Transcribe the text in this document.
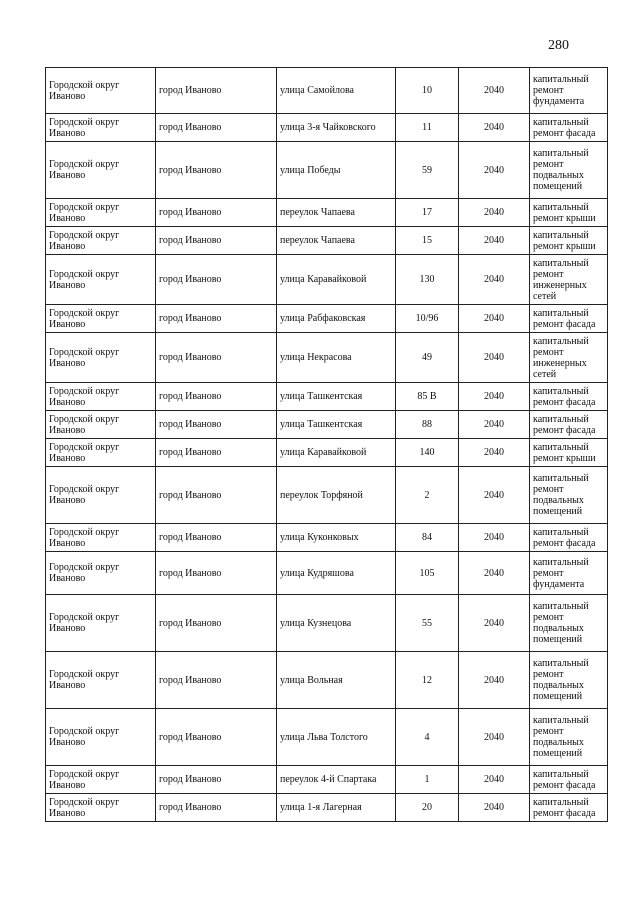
280
Городской округ Иваново	город Иваново	улица Самойлова	10	2040	капитальный ремонт фундамента
Городской округ Иваново	город Иваново	улица 3-я Чайковского	11	2040	капитальный ремонт фасада
Городской округ Иваново	город Иваново	улица Победы	59	2040	капитальный ремонт подвальных помещений
Городской округ Иваново	город Иваново	переулок Чапаева	17	2040	капитальный ремонт крыши
Городской округ Иваново	город Иваново	переулок Чапаева	15	2040	капитальный ремонт крыши
Городской округ Иваново	город Иваново	улица Каравайковой	130	2040	капитальный ремонт инженерных сетей
Городской округ Иваново	город Иваново	улица Рабфаковская	10/96	2040	капитальный ремонт фасада
Городской округ Иваново	город Иваново	улица Некрасова	49	2040	капитальный ремонт инженерных сетей
Городской округ Иваново	город Иваново	улица Ташкентская	85 В	2040	капитальный ремонт фасада
Городской округ Иваново	город Иваново	улица Ташкентская	88	2040	капитальный ремонт фасада
Городской округ Иваново	город Иваново	улица Каравайковой	140	2040	капитальный ремонт крыши
Городской округ Иваново	город Иваново	переулок Торфяной	2	2040	капитальный ремонт подвальных помещений
Городской округ Иваново	город Иваново	улица Куконковых	84	2040	капитальный ремонт фасада
Городской округ Иваново	город Иваново	улица Кудряшова	105	2040	капитальный ремонт фундамента
Городской округ Иваново	город Иваново	улица Кузнецова	55	2040	капитальный ремонт подвальных помещений
Городской округ Иваново	город Иваново	улица Вольная	12	2040	капитальный ремонт подвальных помещений
Городской округ Иваново	город Иваново	улица Льва Толстого	4	2040	капитальный ремонт подвальных помещений
Городской округ Иваново	город Иваново	переулок 4-й Спартака	1	2040	капитальный ремонт фасада
Городской округ Иваново	город Иваново	улица 1-я Лагерная	20	2040	капитальный ремонт фасада
